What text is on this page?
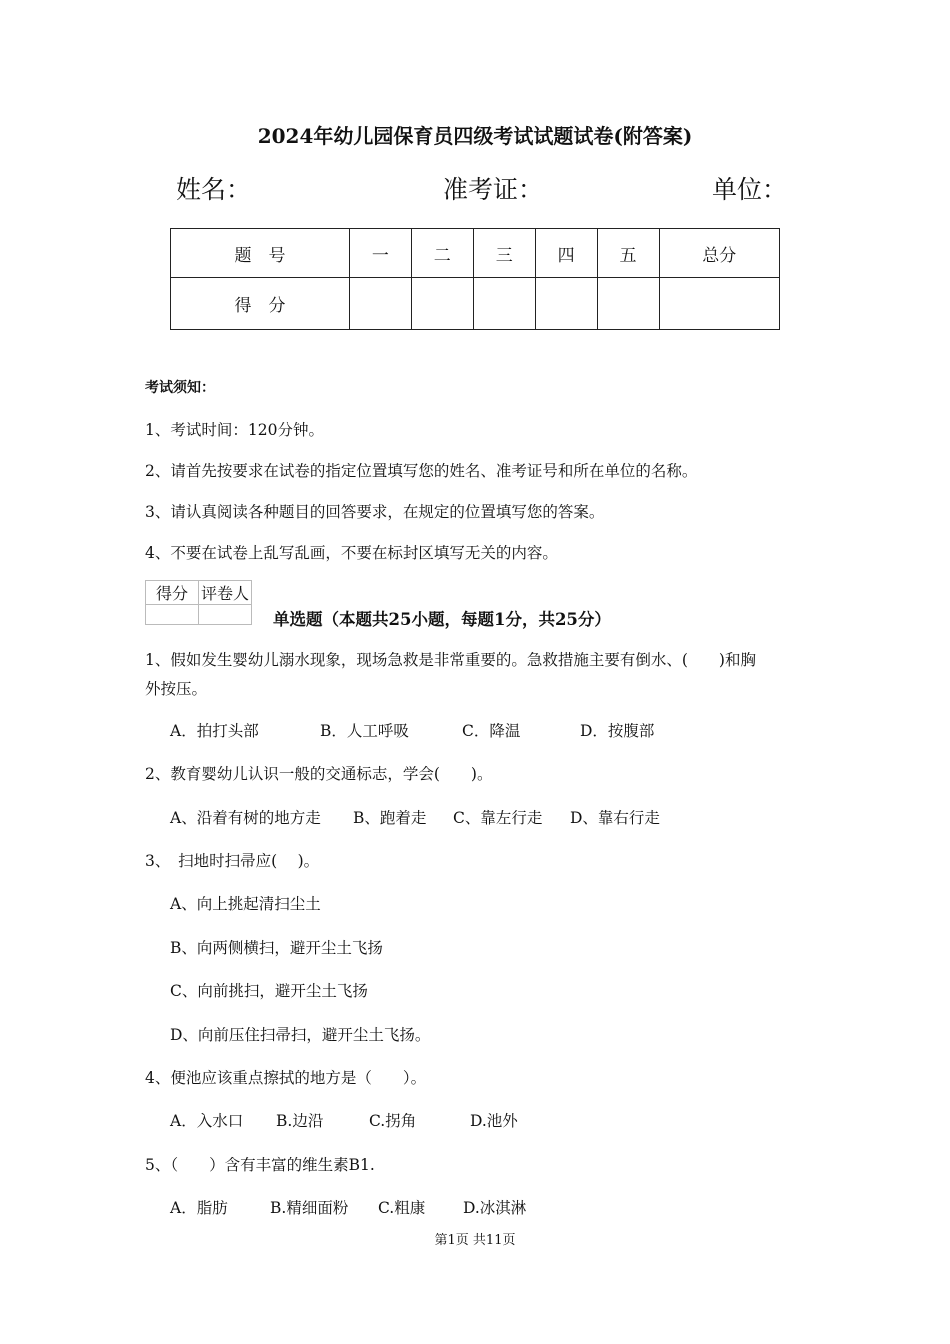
2024年幼儿园保育员四级考试试题试卷(附答案)
姓名：	准考证：	单位：
题　号	一	二	三	四	五	总分
得　分						
考试须知：
1、考试时间：120分钟。
2、请首先按要求在试卷的指定位置填写您的姓名、准考证号和所在单位的名称。
3、请认真阅读各种题目的回答要求，在规定的位置填写您的答案。
4、不要在试卷上乱写乱画，不要在标封区填写无关的内容。
得分	评卷人

单选题（本题共25小题，每题1分，共25分）
1、假如发生婴幼儿溺水现象，现场急救是非常重要的。急救措施主要有倒水、(　　)和胸
外按压。
A．拍打头部	B．人工呼吸	C．降温	D．按腹部
2、教育婴幼儿认识一般的交通标志，学会(　　)。
A、沿着有树的地方走 B、跑着走 C、靠左行走 D、靠右行走
3、　扫地时扫帚应(　 )。
A、向上挑起清扫尘土
B、向两侧横扫，避开尘土飞扬
C、向前挑扫，避开尘土飞扬
D、向前压住扫帚扫，避开尘土飞扬。
4、便池应该重点擦拭的地方是（　　）。
A．入水口 B.边沿	C.拐角	D.池外
5、（　　）含有丰富的维生素B1.
A．脂肪	B.精细面粉 C.粗康 D.冰淇淋
第1页 共11页
